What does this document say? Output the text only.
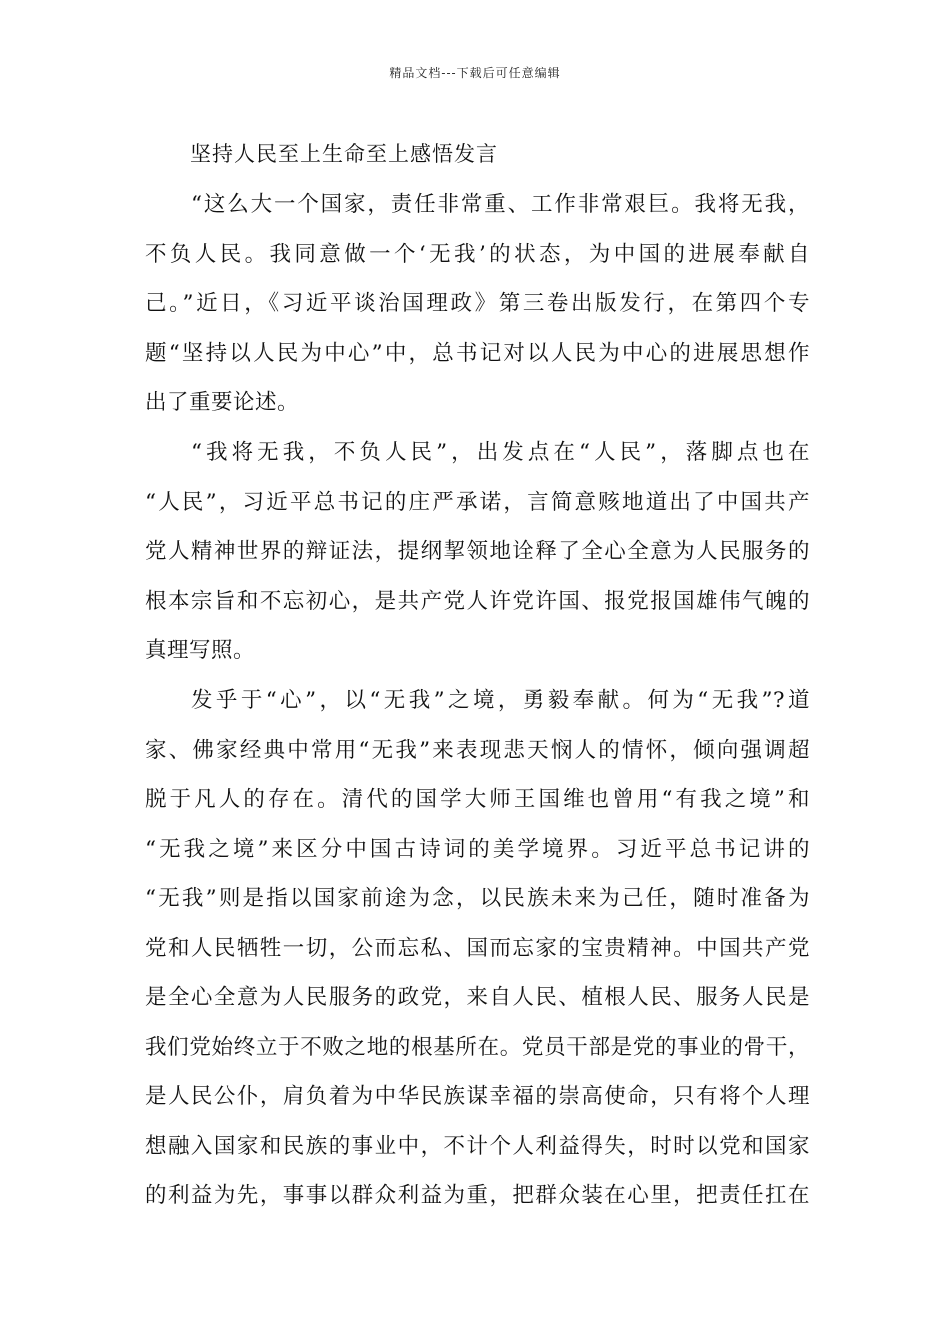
精品文档---下载后可任意编辑
坚持人民至上生命至上感悟发言
“这么大一个国家，责任非常重、工作非常艰巨。我将无我，
不负人民。我同意做一个‘无我’的状态，为中国的进展奉献自
己。”近日，《习近平谈治国理政》第三卷出版发行，在第四个专
题“坚持以人民为中心”中，总书记对以人民为中心的进展思想作
出了重要论述。
“我将无我，不负人民”，出发点在“人民”，落脚点也在
“人民”，习近平总书记的庄严承诺，言简意赅地道出了中国共产
党人精神世界的辩证法，提纲挈领地诠释了全心全意为人民服务的
根本宗旨和不忘初心，是共产党人许党许国、报党报国雄伟气魄的
真理写照。
发乎于“心”，以“无我”之境，勇毅奉献。何为“无我”?道
家、佛家经典中常用“无我”来表现悲天悯人的情怀，倾向强调超
脱于凡人的存在。清代的国学大师王国维也曾用“有我之境”和
“无我之境”来区分中国古诗词的美学境界。习近平总书记讲的
“无我”则是指以国家前途为念，以民族未来为己任，随时准备为
党和人民牺牲一切，公而忘私、国而忘家的宝贵精神。中国共产党
是全心全意为人民服务的政党，来自人民、植根人民、服务人民是
我们党始终立于不败之地的根基所在。党员干部是党的事业的骨干，
是人民公仆，肩负着为中华民族谋幸福的崇高使命，只有将个人理
想融入国家和民族的事业中，不计个人利益得失，时时以党和国家
的利益为先，事事以群众利益为重，把群众装在心里，把责任扛在
